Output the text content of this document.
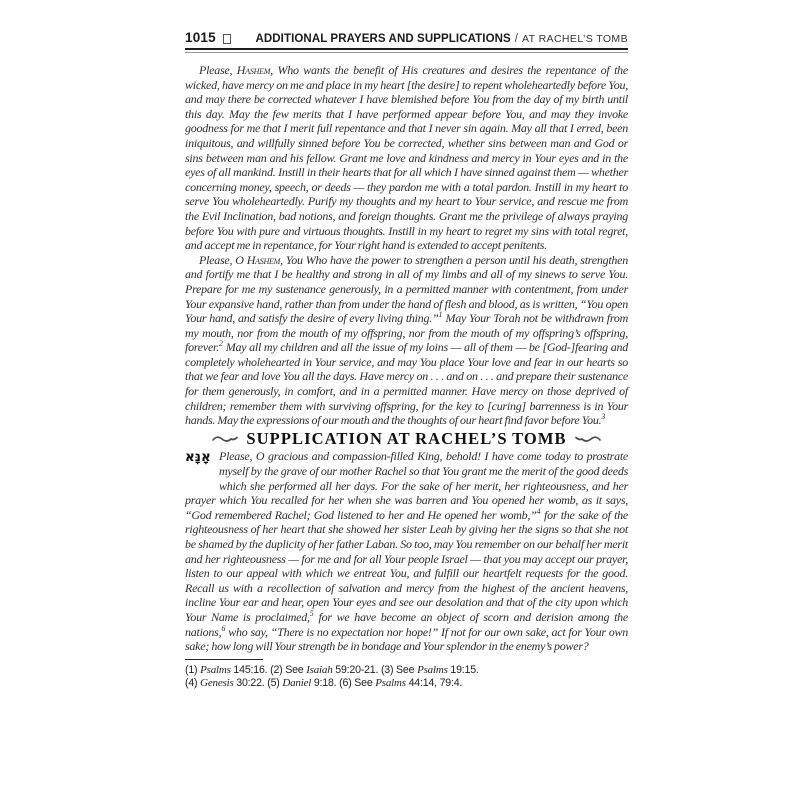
1015	ADDITIONAL PRAYERS AND SUPPLICATIONS / AT RACHEL’S TOMB

Please, Hashem, Who wants the benefit of His creatures and desires the repentance of the wicked, have mercy on me and place in my heart [the desire] to repent wholeheartedly before You, and may there be corrected whatever I have blemished before You from the day of my birth until this day. May the few merits that I have performed appear before You, and may they invoke goodness for me that I merit full repentance and that I never sin again. May all that I erred, been iniquitous, and willfully sinned before You be corrected, whether sins between man and God or sins between man and his fellow. Grant me love and kindness and mercy in Your eyes and in the eyes of all mankind. Instill in their hearts that for all which I have sinned against them — whether concerning money, speech, or deeds — they pardon me with a total pardon. Instill in my heart to serve You wholeheartedly. Purify my thoughts and my heart to Your service, and rescue me from the Evil Inclination, bad notions, and foreign thoughts. Grant me the privilege of always praying before You with pure and virtuous thoughts. Instill in my heart to regret my sins with total regret, and accept me in repentance, for Your right hand is extended to accept penitents.

Please, O Hashem, You Who have the power to strengthen a person until his death, strengthen and fortify me that I be healthy and strong in all of my limbs and all of my sinews to serve You. Prepare for me my sustenance generously, in a permitted manner with contentment, from under Your expansive hand, rather than from under the hand of flesh and blood, as is written, “You open Your hand, and satisfy the desire of every living thing.”$^1$ May Your Torah not be withdrawn from my mouth, nor from the mouth of my offspring, nor from the mouth of my offspring’s offspring, forever.$^2$ May all my children and all the issue of my loins — all of them — be [God-]fearing and completely wholehearted in Your service, and may You place Your love and fear in our hearts so that we fear and love You all the days. Have mercy on . . . and on . . . and prepare their sustenance for them generously, in comfort, and in a permitted manner. Have mercy on those deprived of children; remember them with surviving offspring, for the key to [curing] barrenness is in Your hands. May the expressions of our mouth and the thoughts of our heart find favor before You.$^3$

SUPPLICATION AT RACHEL’S TOMB

אָנָּא Please, O gracious and compassion-filled King, behold! I have come today to prostrate myself by the grave of our mother Rachel so that You grant me the merit of the good deeds which she performed all her days. For the sake of her merit, her righteousness, and her prayer which You recalled for her when she was barren and You opened her womb, as it says, “God remembered Rachel; God listened to her and He opened her womb,”$^4$ for the sake of the righteousness of her heart that she showed her sister Leah by giving her the signs so that she not be shamed by the duplicity of her father Laban. So too, may You remember on our behalf her merit and her righteousness — for me and for all Your people Israel — that you may accept our prayer, listen to our appeal with which we entreat You, and fulfill our heartfelt requests for the good. Recall us with a recollection of salvation and mercy from the highest of the ancient heavens, incline Your ear and hear, open Your eyes and see our desolation and that of the city upon which Your Name is proclaimed,$^5$ for we have become an object of scorn and derision among the nations,$^6$ who say, “There is no expectation nor hope!” If not for our own sake, act for Your own sake; how long will Your strength be in bondage and Your splendor in the enemy’s power?

(1) Psalms 145:16. (2) See Isaiah 59:20-21. (3) See Psalms 19:15.

(4) Genesis 30:22. (5) Daniel 9:18. (6) See Psalms 44:14, 79:4.
